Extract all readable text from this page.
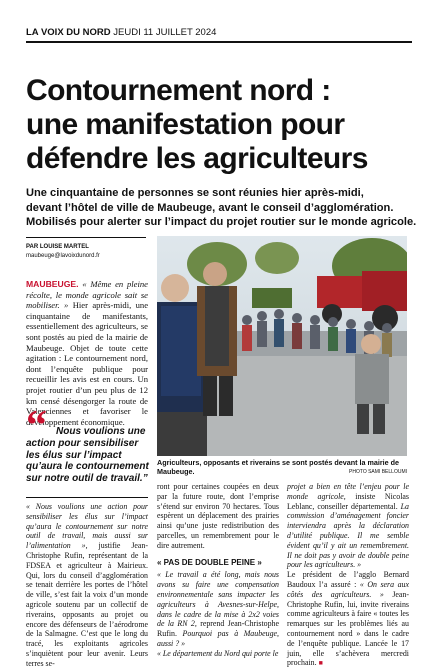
LA VOIX DU NORD JEUDI 11 JUILLET 2024
Contournement nord :
une manifestation pour
défendre les agriculteurs
Une cinquantaine de personnes se sont réunies hier après-midi,
devant l’hôtel de ville de Maubeuge, avant le conseil d’agglomération.
Mobilisés pour alerter sur l’impact du projet routier sur le monde agricole.
PAR LOUISE MARTEL
maubeuge@lavoixdunord.fr
MAUBEUGE. « Même en pleine récolte, le monde agricole sait se mobiliser. » Hier après-midi, une cinquantaine de manifestants, essentiellement des agriculteurs, se sont postés au pied de la mairie de Maubeuge. Objet de toute cette agitation : Le contournement nord, dont l’enquête publique pour recueillir les avis est en cours. Un projet routier d’un peu plus de 12 km censé désengorger la route de Valenciennes et favoriser le développement économique.
“ Nous voulions une action pour sensibiliser les élus sur l’impact qu’aura le contournement sur notre outil de travail.”
« Nous voulions une action pour sensibiliser les élus sur l’impact qu’aura le contournement sur notre outil de travail, mais aussi sur l’alimentation », justifie Jean-Christophe Rufin, représentant de la FDSEA et agriculteur à Mairieux. Qui, lors du conseil d’agglomération se tenait derrière les portes de l’hôtel de ville, s’est fait la voix d’un monde agricole soutenu par un collectif de riverains, opposants au projet ou encore des défenseurs de l’aérodrome de la Salmagne. C’est que le long du tracé, les exploitants agricoles s’inquiètent pour leur avenir. Leurs terres se-
Agriculteurs, opposants et riverains se sont postés devant la mairie de Maubeuge.	PHOTO SAMI BELLOUMI
ront pour certaines coupées en deux par la future route, dont l’emprise s’étend sur environ 70 hectares. Tous espèrent un déplacement des prairies ainsi qu’une juste redistribution des parcelles, un remembrement pour le dire autrement.
« PAS DE DOUBLE PEINE »
« Le travail a été long, mais nous avons su faire une compensation environnementale sans impacter les agriculteurs à Avesnes-sur-Helpe, dans le cadre de la mise à 2x2 voies de la RN 2, reprend Jean-Christophe Rufin. Pourquoi pas à Maubeuge, aussi ? »
« Le département du Nord qui porte le
projet a bien en tête l’enjeu pour le monde agricole, insiste Nicolas Leblanc, conseiller départemental. La commission d’aménagement foncier interviendra après la déclaration d’utilité publique. Il me semble évident qu’il y ait un remembrement. Il ne doit pas y avoir de double peine pour les agriculteurs. »
Le président de l’agglo Bernard Baudoux l’a assuré : « On sera aux côtés des agriculteurs. » Jean-Christophe Rufin, lui, invite riverains comme agriculteurs à faire « toutes les remarques sur les problèmes liés au contournement nord » dans le cadre de l’enquête publique. Lancée le 17 juin, elle s’achèvera mercredi prochain. ■
